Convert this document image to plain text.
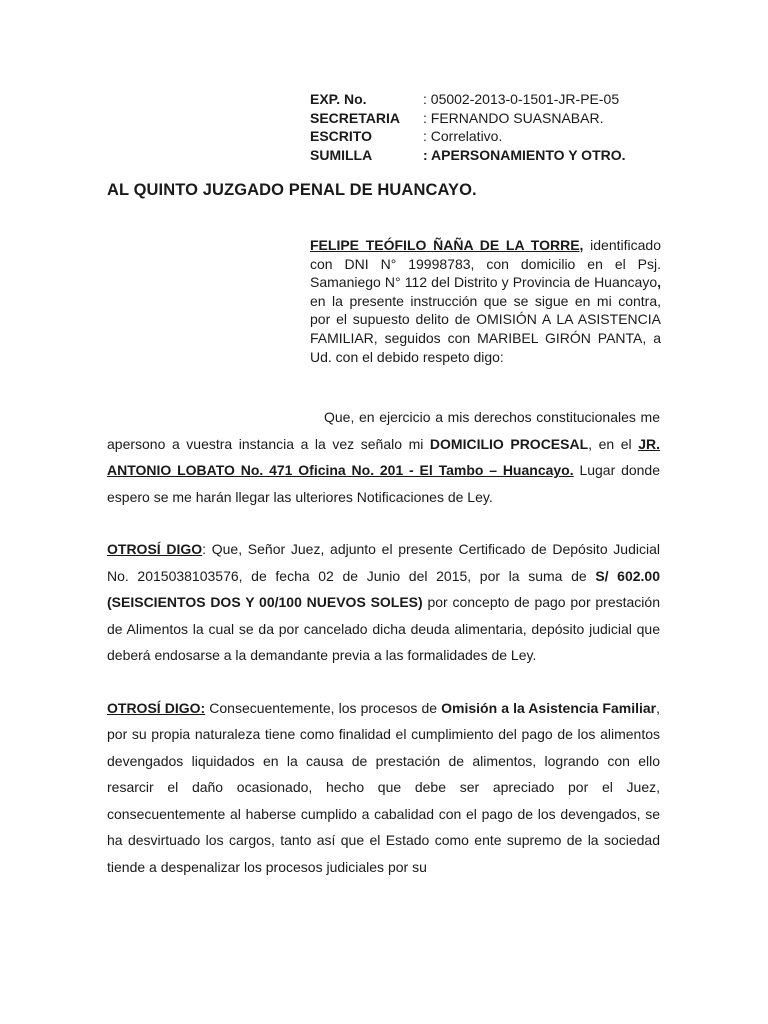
EXP. No.	: 05002-2013-0-1501-JR-PE-05
SECRETARIA	: FERNANDO SUASNABAR.
ESCRITO	: Correlativo.
SUMILLA	: APERSONAMIENTO Y OTRO.
AL QUINTO JUZGADO PENAL DE HUANCAYO.
FELIPE TEÓFILO ÑAÑA DE LA TORRE, identificado con DNI N° 19998783, con domicilio en el Psj. Samaniego N° 112 del Distrito y Provincia de Huancayo, en la presente instrucción que se sigue en mi contra, por el supuesto delito de OMISIÓN A LA ASISTENCIA FAMILIAR, seguidos con MARIBEL GIRÓN PANTA, a Ud. con el debido respeto digo:

Que, en ejercicio a mis derechos constitucionales me apersono a vuestra instancia a la vez señalo mi DOMICILIO PROCESAL, en el JR. ANTONIO LOBATO No. 471 Oficina No. 201 - El Tambo – Huancayo. Lugar donde espero se me harán llegar las ulteriores Notificaciones de Ley.

OTROSÍ DIGO: Que, Señor Juez, adjunto el presente Certificado de Depósito Judicial No. 2015038103576, de fecha 02 de Junio del 2015, por la suma de S/ 602.00 (SEISCIENTOS DOS Y 00/100 NUEVOS SOLES) por concepto de pago por prestación de Alimentos la cual se da por cancelado dicha deuda alimentaria, depósito judicial que deberá endosarse a la demandante previa a las formalidades de Ley.

OTROSÍ DIGO: Consecuentemente, los procesos de Omisión a la Asistencia Familiar, por su propia naturaleza tiene como finalidad el cumplimiento del pago de los alimentos devengados liquidados en la causa de prestación de alimentos, logrando con ello resarcir el daño ocasionado, hecho que debe ser apreciado por el Juez, consecuentemente al haberse cumplido a cabalidad con el pago de los devengados, se ha desvirtuado los cargos, tanto así que el Estado como ente supremo de la sociedad tiende a despenalizar los procesos judiciales por su
